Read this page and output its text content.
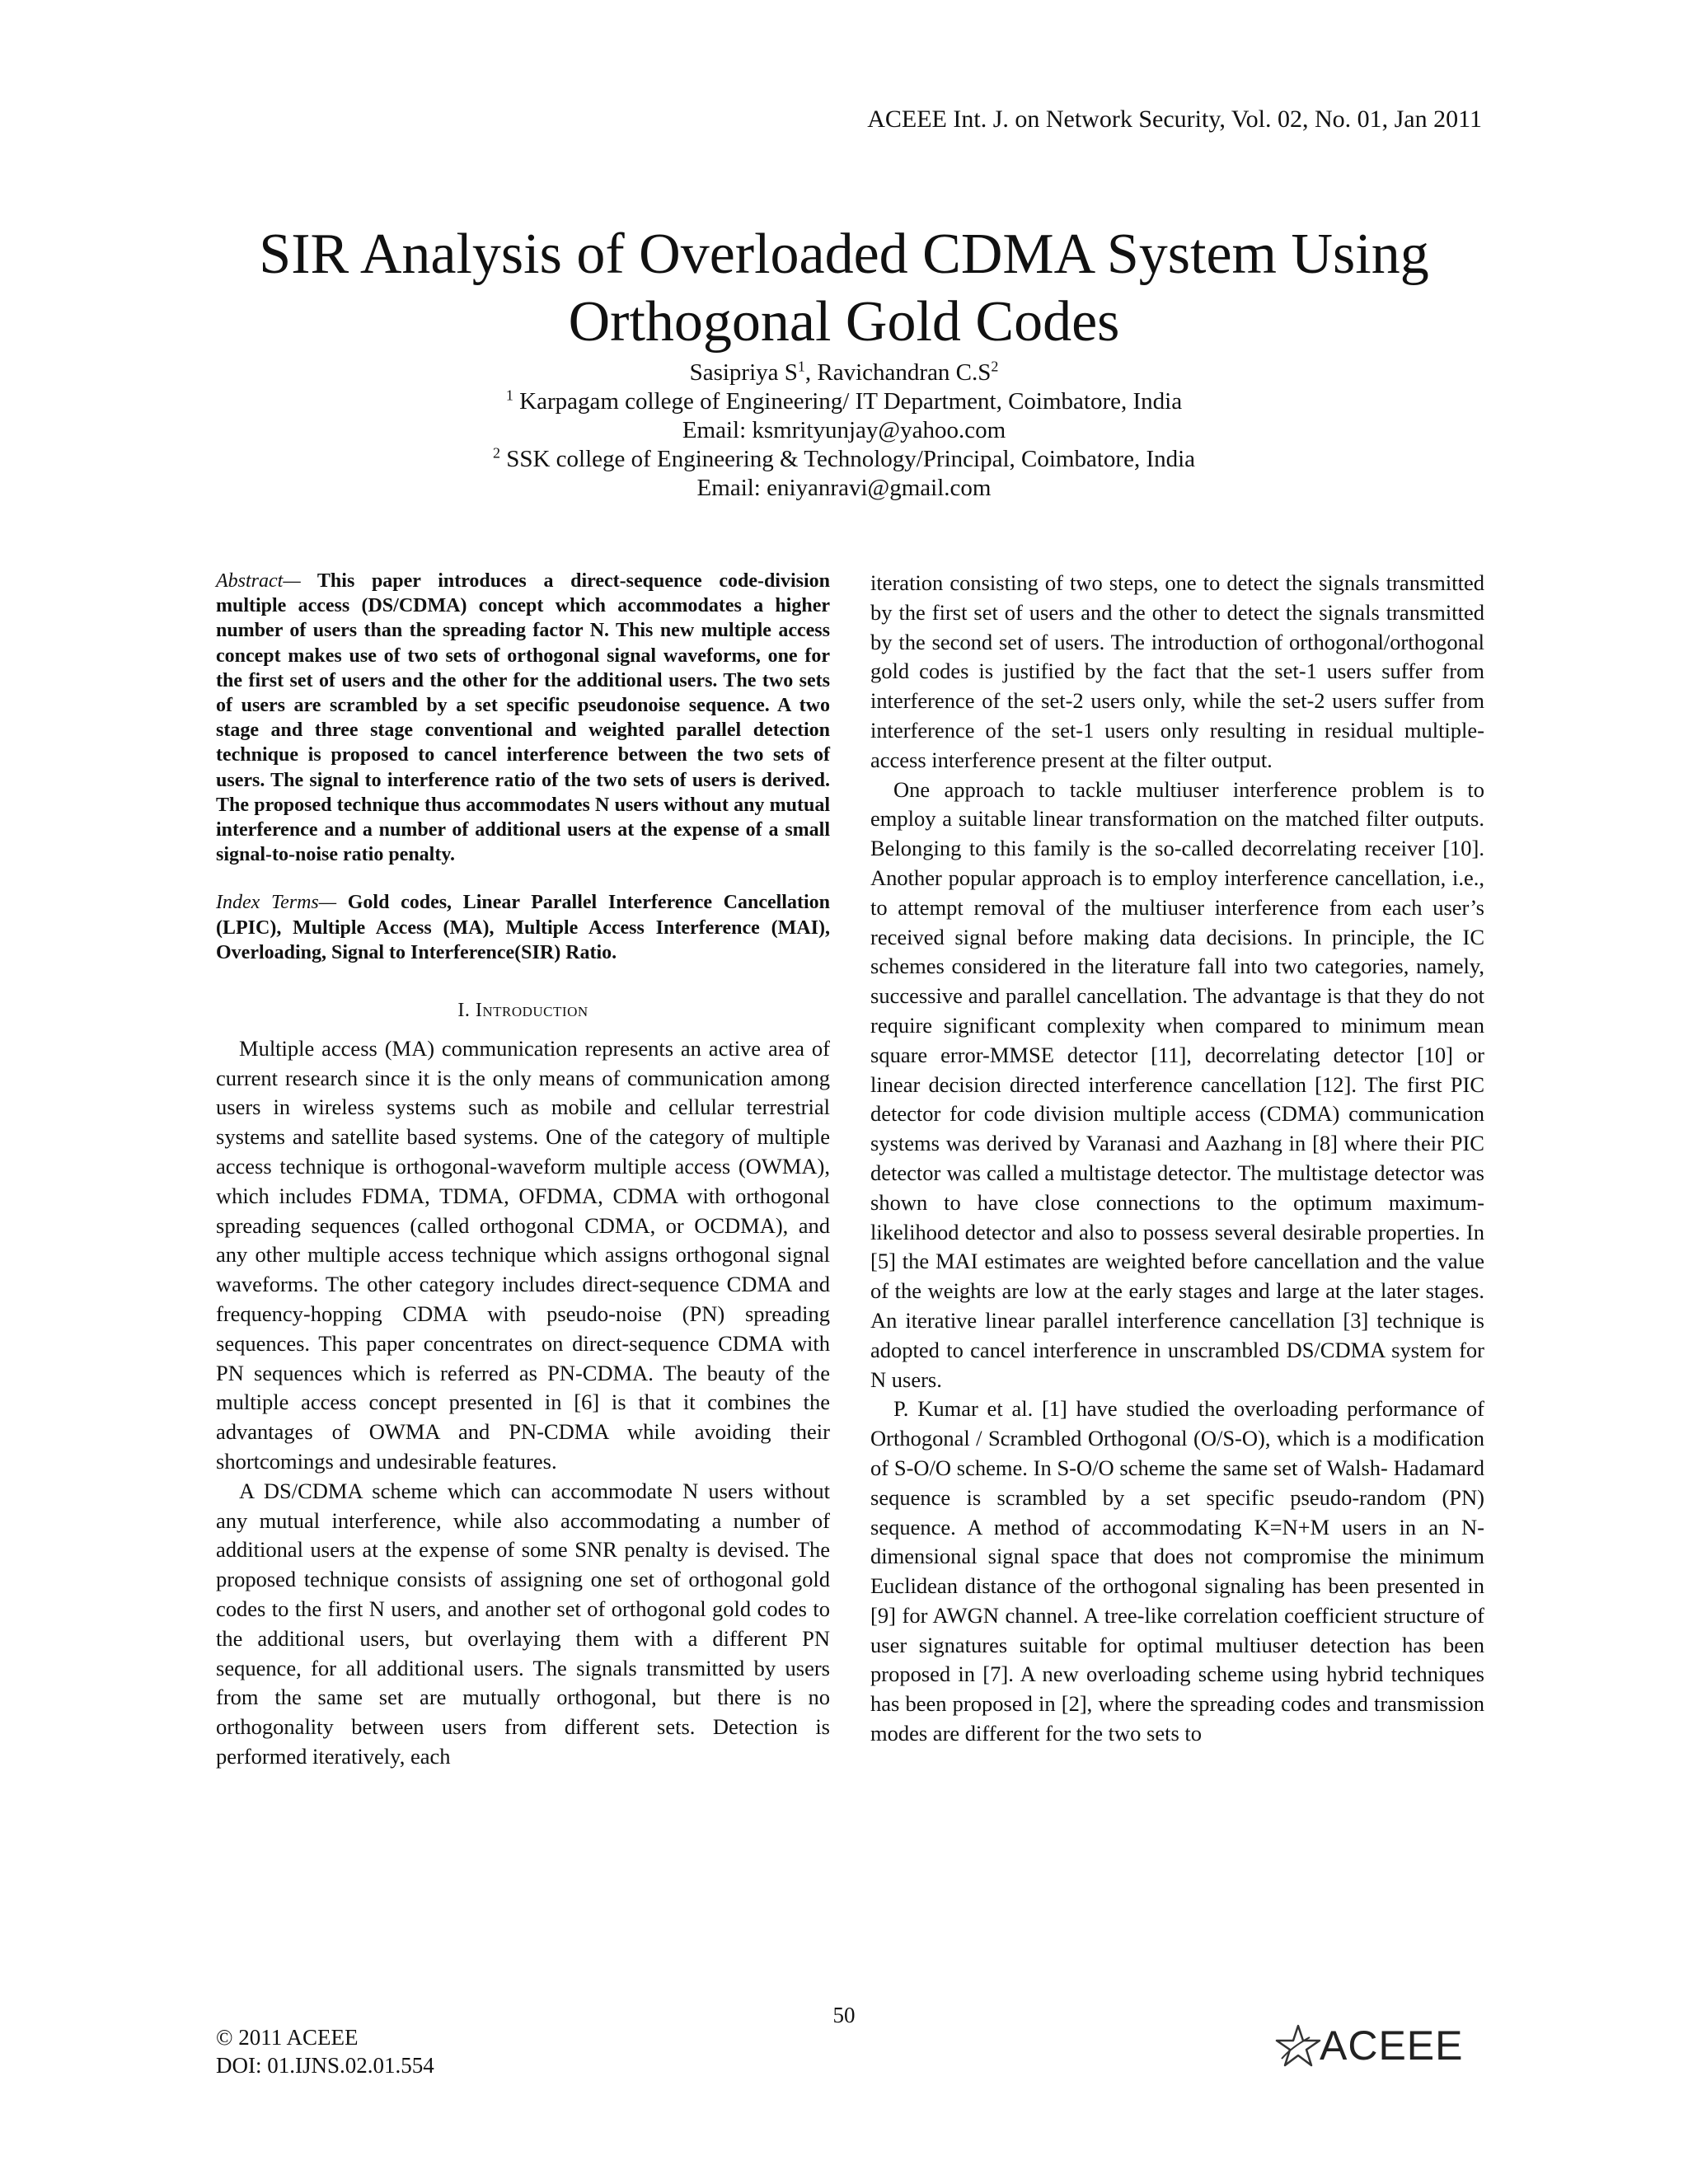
ACEEE Int. J. on Network Security, Vol. 02, No. 01, Jan 2011
SIR Analysis of Overloaded CDMA System Using
Orthogonal Gold Codes
Sasipriya $S^1$, Ravichandran $C.S^2$
$^1$ Karpagam college of Engineering/ IT Department, Coimbatore, India
Email: ksmrityunjay@yahoo.com
$^2$ SSK college of Engineering & Technology/Principal, Coimbatore, India
Email: eniyanravi@gmail.com

Abstract— This paper introduces a direct-sequence code-division multiple access (DS/CDMA) concept which accommodates a higher number of users than the spreading factor N. This new multiple access concept makes use of two sets of orthogonal signal waveforms, one for the first set of users and the other for the additional users. The two sets of users are scrambled by a set specific pseudonoise sequence. A two stage and three stage conventional and weighted parallel detection technique is proposed to cancel interference between the two sets of users. The signal to interference ratio of the two sets of users is derived. The proposed technique thus accommodates N users without any mutual interference and a number of additional users at the expense of a small signal-to-noise ratio penalty.

Index Terms— Gold codes, Linear Parallel Interference Cancellation (LPIC), Multiple Access (MA), Multiple Access Interference (MAI), Overloading, Signal to Interference(SIR) Ratio.

I. Introduction

Multiple access (MA) communication represents an active area of current research since it is the only means of communication among users in wireless systems such as mobile and cellular terrestrial systems and satellite based systems. One of the category of multiple access technique is orthogonal-waveform multiple access (OWMA), which includes FDMA, TDMA, OFDMA, CDMA with orthogonal spreading sequences (called orthogonal CDMA, or OCDMA), and any other multiple access technique which assigns orthogonal signal waveforms. The other category includes direct-sequence CDMA and frequency-hopping CDMA with pseudo-noise (PN) spreading sequences. This paper concentrates on direct-sequence CDMA with PN sequences which is referred as PN-CDMA. The beauty of the multiple access concept presented in [6] is that it combines the advantages of OWMA and PN-CDMA while avoiding their shortcomings and undesirable features.

A DS/CDMA scheme which can accommodate N users without any mutual interference, while also accommodating a number of additional users at the expense of some SNR penalty is devised. The proposed technique consists of assigning one set of orthogonal gold codes to the first N users, and another set of orthogonal gold codes to the additional users, but overlaying them with a different PN sequence, for all additional users. The signals transmitted by users from the same set are mutually orthogonal, but there is no orthogonality between users from different sets. Detection is performed iteratively, each

iteration consisting of two steps, one to detect the signals transmitted by the first set of users and the other to detect the signals transmitted by the second set of users. The introduction of orthogonal/orthogonal gold codes is justified by the fact that the set-1 users suffer from interference of the set-2 users only, while the set-2 users suffer from interference of the set-1 users only resulting in residual multiple-access interference present at the filter output.

One approach to tackle multiuser interference problem is to employ a suitable linear transformation on the matched filter outputs. Belonging to this family is the so-called decorrelating receiver [10]. Another popular approach is to employ interference cancellation, i.e., to attempt removal of the multiuser interference from each user’s received signal before making data decisions. In principle, the IC schemes considered in the literature fall into two categories, namely, successive and parallel cancellation. The advantage is that they do not require significant complexity when compared to minimum mean square error-MMSE detector [11], decorrelating detector [10] or linear decision directed interference cancellation [12]. The first PIC detector for code division multiple access (CDMA) communication systems was derived by Varanasi and Aazhang in [8] where their PIC detector was called a multistage detector. The multistage detector was shown to have close connections to the optimum maximum-likelihood detector and also to possess several desirable properties. In [5] the MAI estimates are weighted before cancellation and the value of the weights are low at the early stages and large at the later stages. An iterative linear parallel interference cancellation [3] technique is adopted to cancel interference in unscrambled DS/CDMA system for N users.

P. Kumar et al. [1] have studied the overloading performance of Orthogonal / Scrambled Orthogonal (O/S-O), which is a modification of S-O/O scheme. In S-O/O scheme the same set of Walsh- Hadamard sequence is scrambled by a set specific pseudo-random (PN) sequence. A method of accommodating K=N+M users in an N-dimensional signal space that does not compromise the minimum Euclidean distance of the orthogonal signaling has been presented in [9] for AWGN channel. A tree-like correlation coefficient structure of user signatures suitable for optimal multiuser detection has been proposed in [7]. A new overloading scheme using hybrid techniques has been proposed in [2], where the spreading codes and transmission modes are different for the two sets to

50
© 2011 ACEEE
DOI: 01.IJNS.02.01.554	ACEEE
